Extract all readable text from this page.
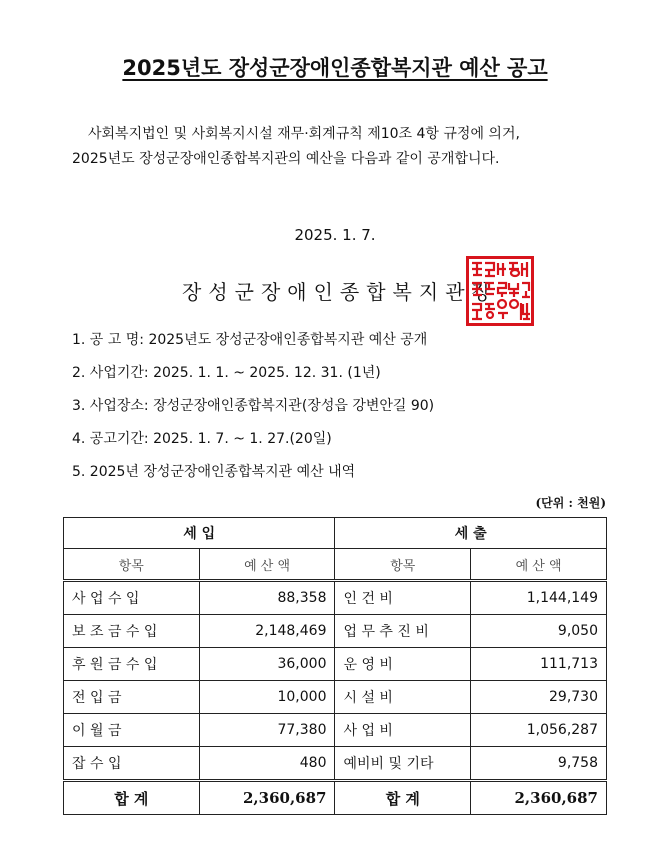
2025년도 장성군장애인종합복지관 예산 공고
사회복지법인 및 사회복지시설 재무·회계규칙 제10조 4항 규정에 의거,
2025년도 장성군장애인종합복지관의 예산을 다음과 같이 공개합니다.
2025. 1. 7.
장성군장애인종합복지관장
1. 공 고 명: 2025년도 장성군장애인종합복지관 예산 공개
2. 사업기간: 2025. 1. 1. ~ 2025. 12. 31. (1년)
3. 사업장소: 장성군장애인종합복지관(장성읍 강변안길 90)
4. 공고기간: 2025. 1. 7. ~ 1. 27.(20일)
5. 2025년 장성군장애인종합복지관 예산 내역
(단위 : 천원)
세 입		세 출	
항목	예 산 액	항목	예 산 액
사 업 수 입	88,358	인 건 비	1,144,149
보 조 금 수 입	2,148,469	업 무 추 진 비	9,050
후 원 금 수 입	36,000	운 영 비	111,713
전 입 금	10,000	시 설 비	29,730
이 월 금	77,380	사 업 비	1,056,287
잡 수 입	480	예비비 및 기타	9,758
합 계	2,360,687	합 계	2,360,687
